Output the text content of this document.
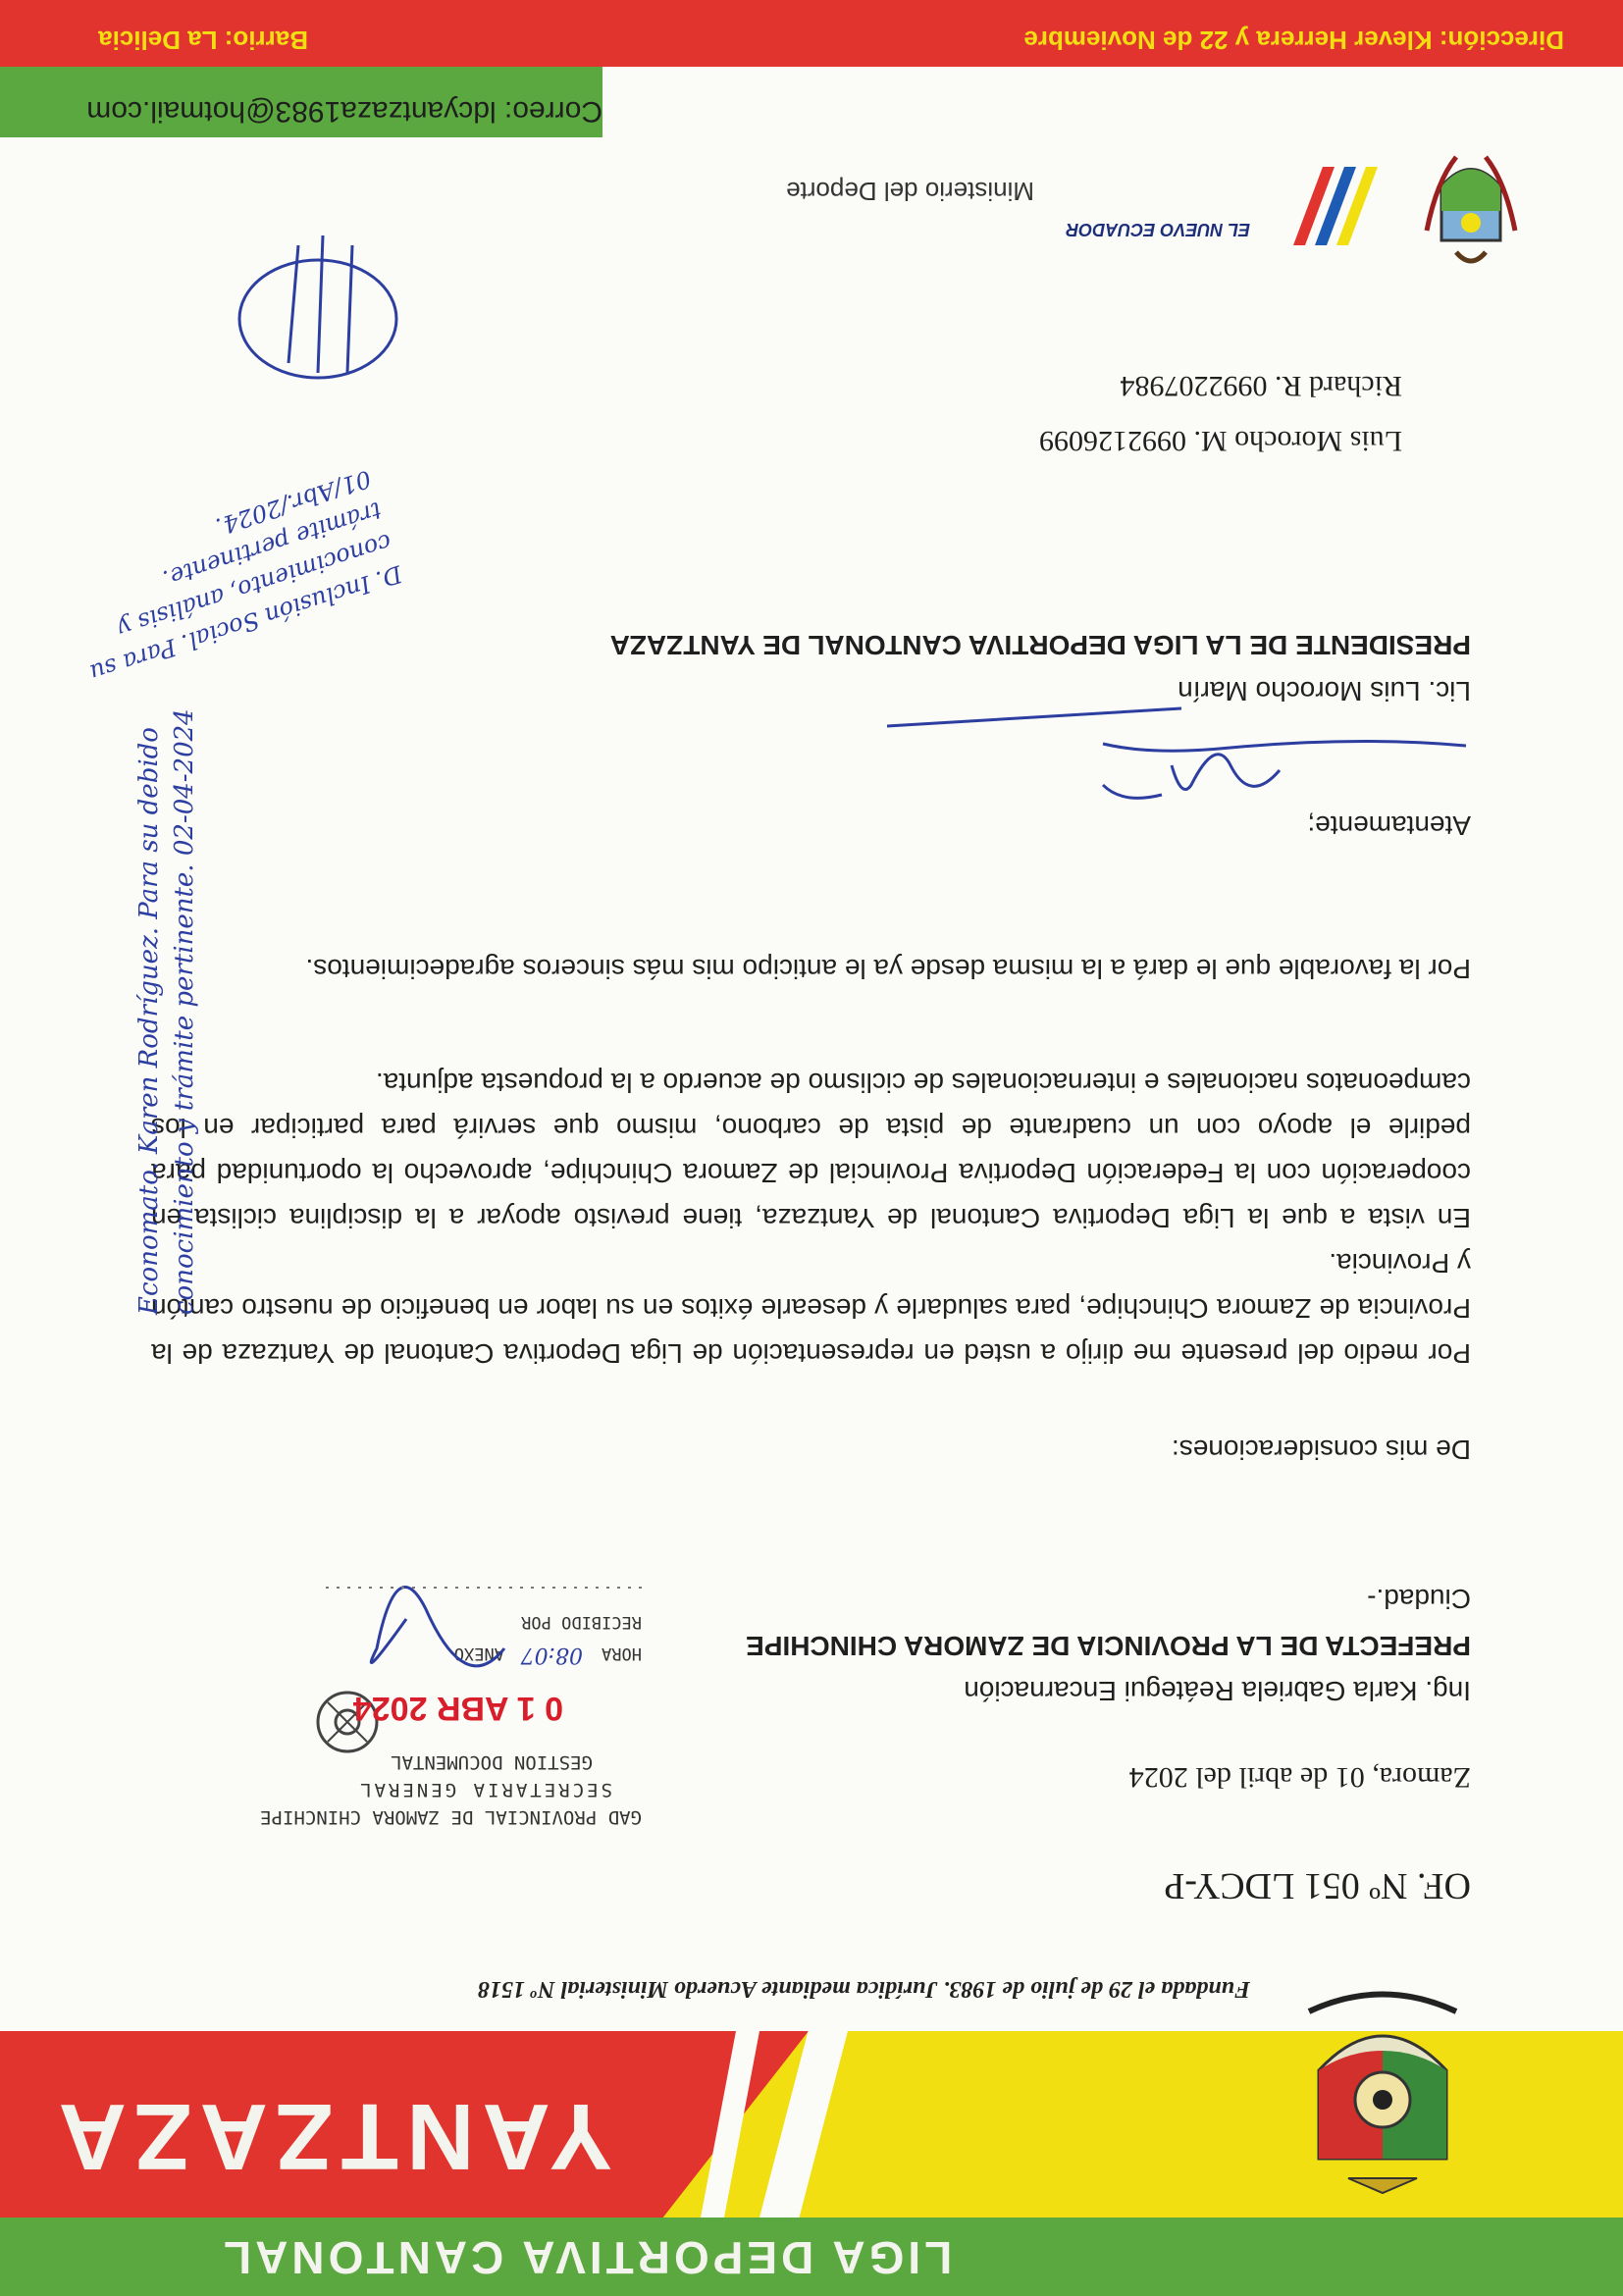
LIGA DEPORTIVA CANTONAL
YANTZAZA
Fundada el 29 de julio de 1983. Jurídica mediante Acuerdo Ministerial Nº 1518
OF. Nº 051 LDCY-P
Zamora, 01 de abril del 2024
Ing. Karla Gabriela Reátegui Encarnación
PREFECTA DE LA PROVINCIA DE ZAMORA CHINCHIPE
Ciudad.-
GAD PROVINCIAL DE ZAMORA CHINCHIPE
SECRETARIA GENERAL
GESTION DOCUMENTAL
0 1 ABR 2024
HORA
08:07
ANEXO
RECIBIDO POR
De mis consideraciones:
Por medio del presente me dirijo a usted en representación de Liga Deportiva Cantonal de Yantzaza de la Provincia de Zamora Chinchipe, para saludarle y desearle éxitos en su labor en beneficio de nuestro cantón y Provincia.
En vista a que la Liga Deportiva Cantonal de Yantzaza, tiene previsto apoyar a la disciplina ciclista en cooperación con la Federación Deportiva Provincial de Zamora Chinchipe, aprovecho la oportunidad para pedirle el apoyo con un cuadrante de pista de carbono, mismo que servirá para participar en los campeonatos nacionales e internacionales de ciclismo de acuerdo a la propuesta adjunta.
Por la favorable que le dará a la misma desde ya le anticipo mis más sinceros agradecimientos.
Atentamente;
Lic. Luis Morocho Marín
PRESIDENTE DE LA LIGA DEPORTIVA CANTONAL DE YANTZAZA
Luis Morocho M. 0992126099
Richard R. 0992207984
D. Inclusión Social. Para su conocimiento, análisis y trámite pertinente. 01/Abr./2024.
Economato. Karen Rodríguez. Para su debido conocimiento y trámite pertinente. 02-04-2024
EL NUEVO ECUADOR
Ministerio del Deporte
Correo: ldcyantzaza1983@hotmail.com
Dirección: Klever Herrera y 22 de Noviembre
Barrio: La Delicia
